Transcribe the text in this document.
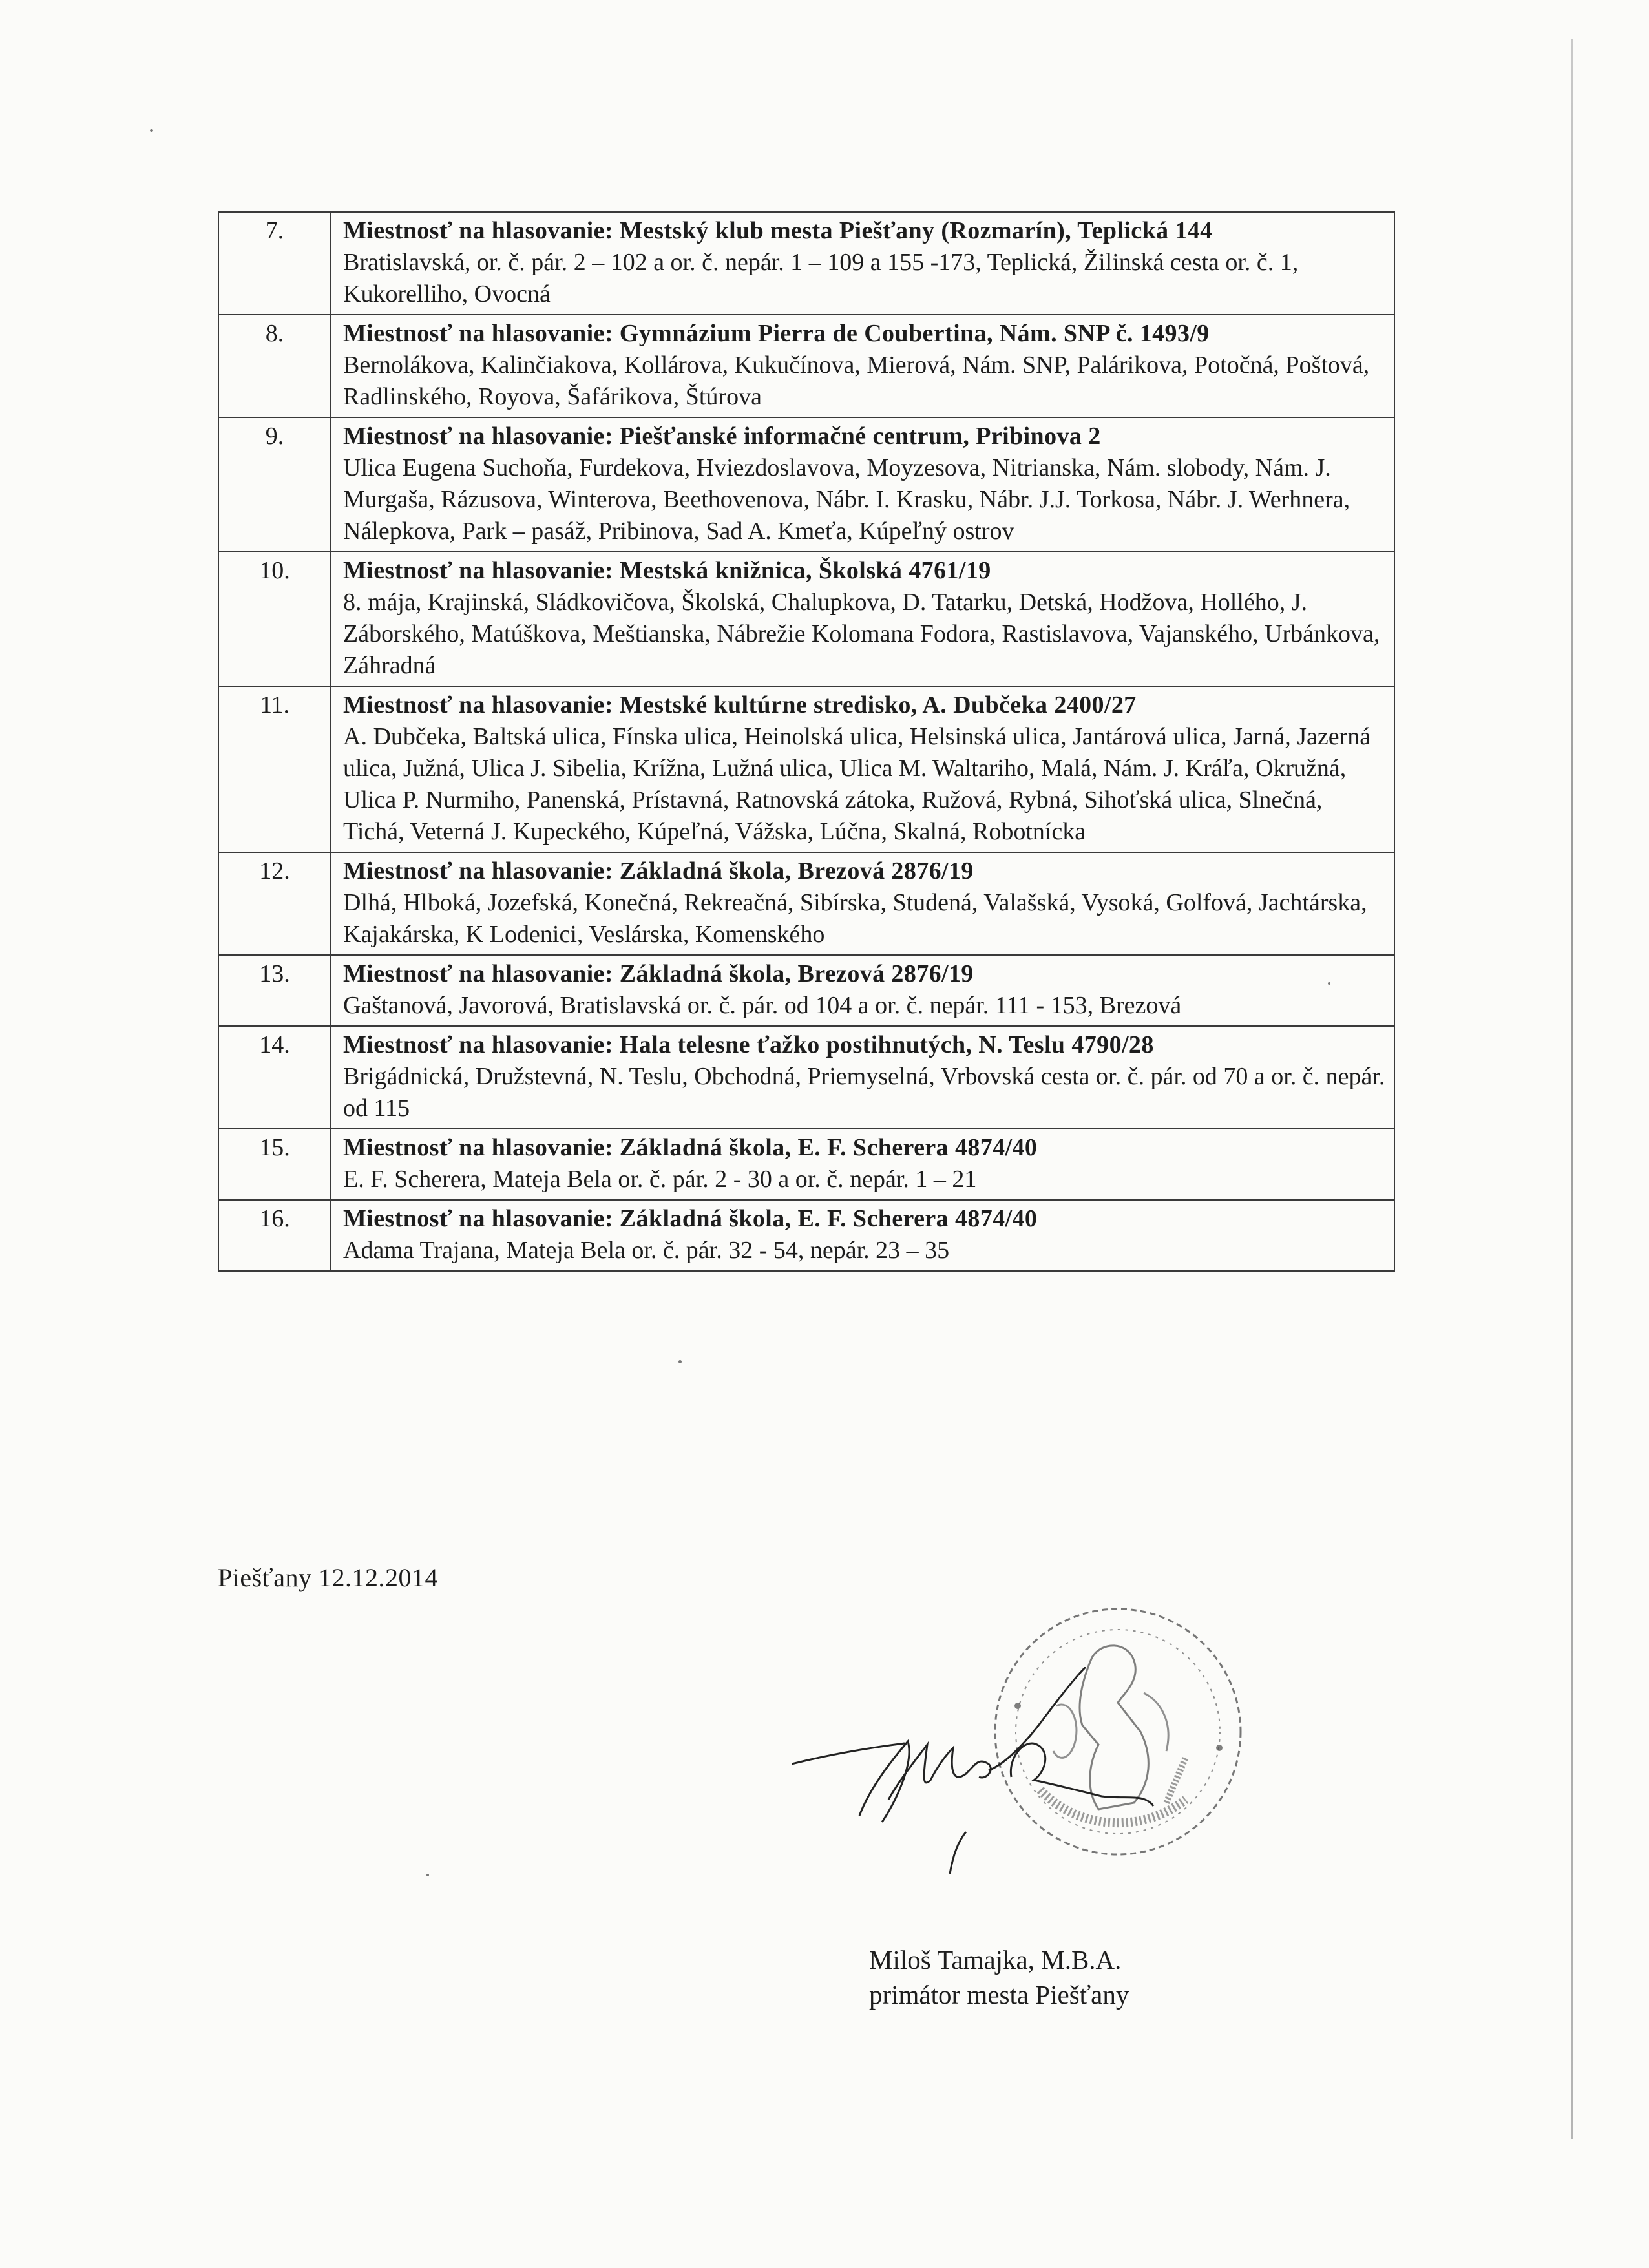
7.	Miestnosť na hlasovanie: Mestský klub mesta Piešťany (Rozmarín), Teplická 144
Bratislavská, or. č. pár. 2 – 102 a or. č. nepár. 1 – 109 a 155 -173, Teplická, Žilinská cesta or. č. 1, Kukorelliho, Ovocná

8.	Miestnosť na hlasovanie: Gymnázium Pierra de Coubertina, Nám. SNP č. 1493/9
Bernolákova, Kalinčiakova, Kollárova, Kukučínova, Mierová, Nám. SNP, Palárikova, Potočná, Poštová, Radlinského, Royova, Šafárikova, Štúrova

9.	Miestnosť na hlasovanie: Piešťanské informačné centrum, Pribinova 2
Ulica Eugena Suchoňa, Furdekova, Hviezdoslavova, Moyzesova, Nitrianska, Nám. slobody, Nám. J. Murgaša, Rázusova, Winterova, Beethovenova, Nábr. I. Krasku, Nábr. J.J. Torkosa, Nábr. J. Werhnera, Nálepkova, Park – pasáž, Pribinova, Sad A. Kmeťa, Kúpeľný ostrov

10.	Miestnosť na hlasovanie: Mestská knižnica, Školská 4761/19
8. mája, Krajinská, Sládkovičova, Školská, Chalupkova, D. Tatarku, Detská, Hodžova, Hollého, J. Záborského, Matúškova, Meštianska, Nábrežie Kolomana Fodora, Rastislavova, Vajanského, Urbánkova, Záhradná

11.	Miestnosť na hlasovanie: Mestské kultúrne stredisko, A. Dubčeka 2400/27
A. Dubčeka, Baltská ulica, Fínska ulica, Heinolská ulica, Helsinská ulica, Jantárová ulica, Jarná, Jazerná ulica, Južná, Ulica J. Sibelia, Krížna, Lužná ulica, Ulica M. Waltariho, Malá, Nám. J. Kráľa, Okružná, Ulica P. Nurmiho, Panenská, Prístavná, Ratnovská zátoka, Ružová, Rybná, Sihoťská ulica, Slnečná, Tichá, Veterná J. Kupeckého, Kúpeľná, Vážska, Lúčna, Skalná, Robotnícka

12.	Miestnosť na hlasovanie: Základná škola, Brezová 2876/19
Dlhá, Hlboká, Jozefská, Konečná, Rekreačná, Sibírska, Studená, Valašská, Vysoká, Golfová, Jachtárska, Kajakárska, K Lodenici, Veslárska, Komenského

13.	Miestnosť na hlasovanie: Základná škola, Brezová 2876/19
Gaštanová, Javorová, Bratislavská or. č. pár. od 104 a or. č. nepár. 111 - 153, Brezová

14.	Miestnosť na hlasovanie: Hala telesne ťažko postihnutých, N. Teslu 4790/28
Brigádnická, Družstevná, N. Teslu, Obchodná, Priemyselná, Vrbovská cesta or. č. pár. od 70 a or. č. nepár. od 115

15.	Miestnosť na hlasovanie: Základná škola, E. F. Scherera 4874/40
E. F. Scherera, Mateja Bela or. č. pár. 2 - 30 a or. č. nepár. 1 – 21

16.	Miestnosť na hlasovanie: Základná škola, E. F. Scherera 4874/40
Adama Trajana, Mateja Bela or. č. pár. 32 - 54, nepár. 23 – 35
Piešťany 12.12.2014
Miloš Tamajka, M.B.A.
primátor mesta Piešťany
